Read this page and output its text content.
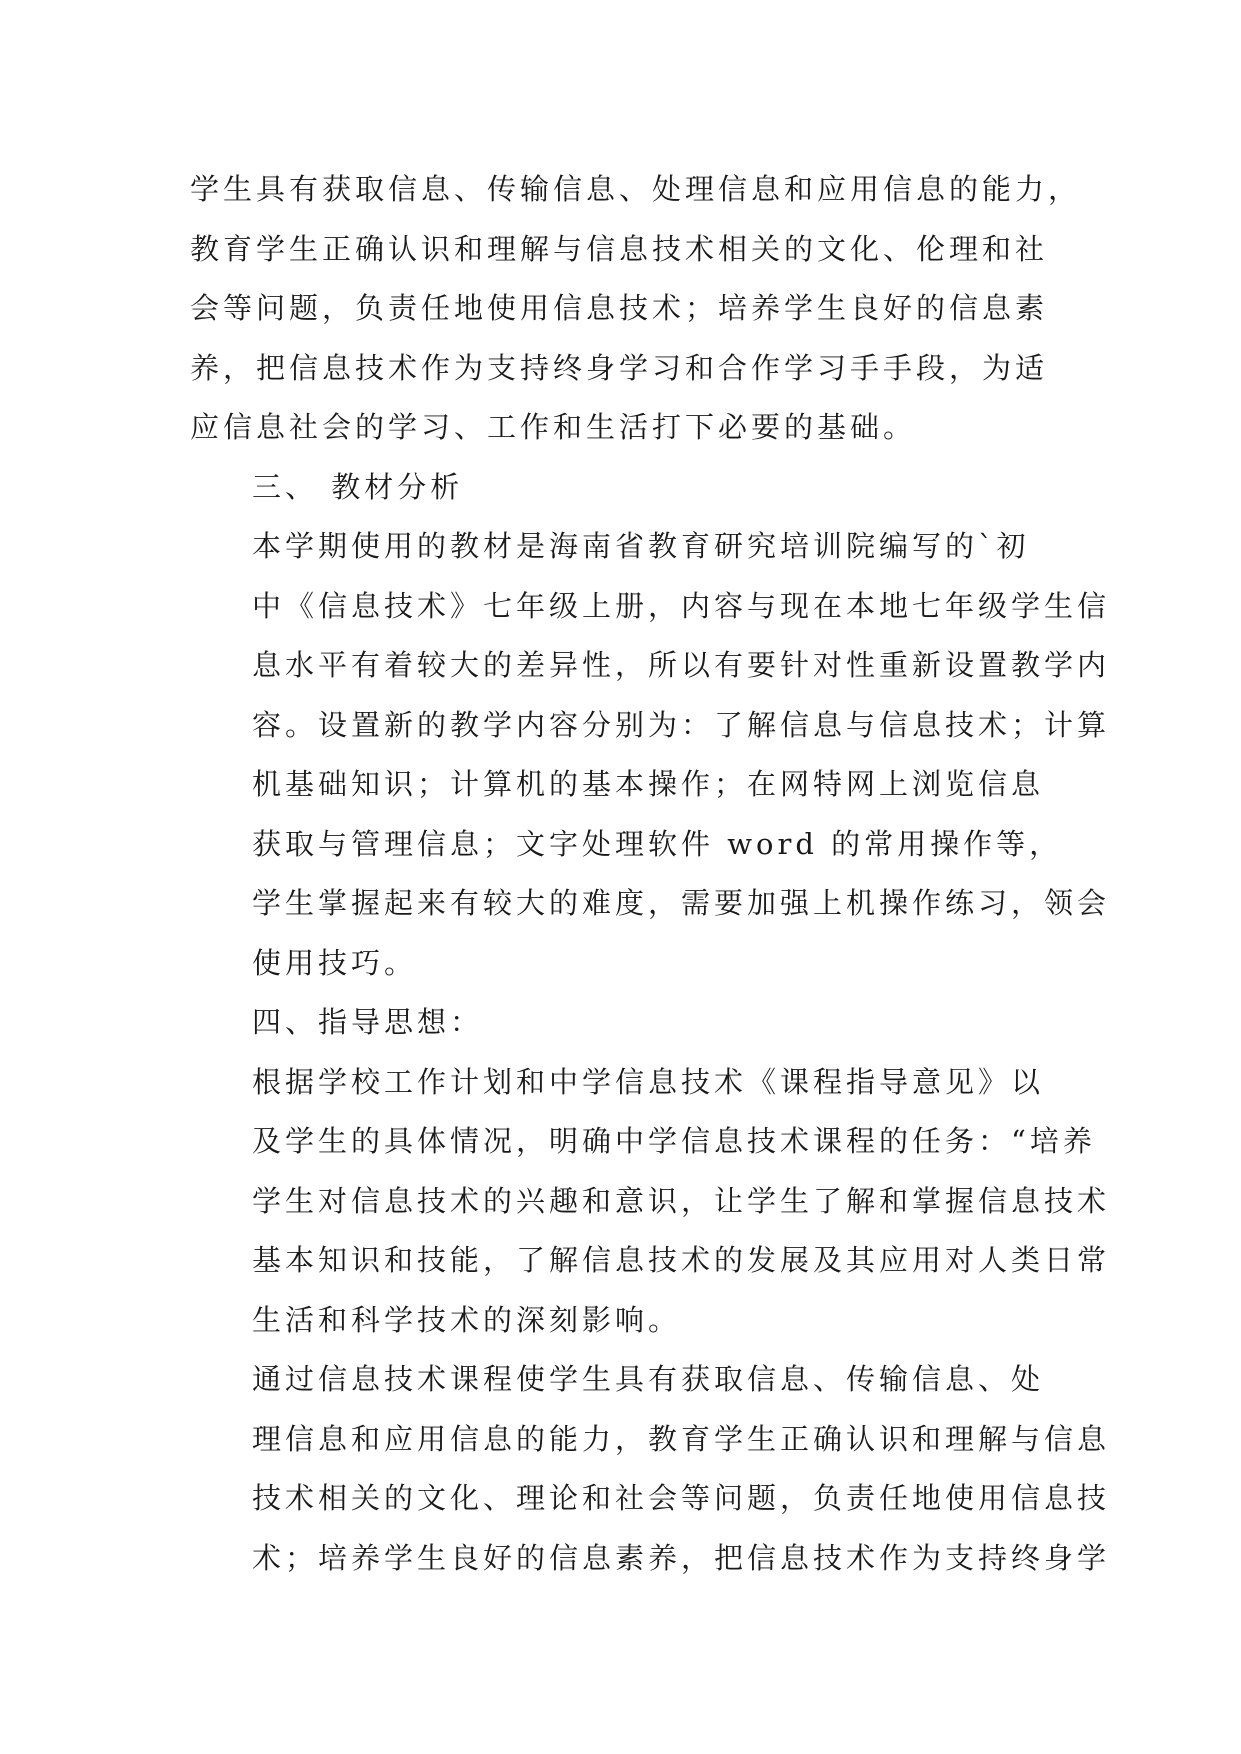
学生具有获取信息、传输信息、处理信息和应用信息的能力，
教育学生正确认识和理解与信息技术相关的文化、伦理和社
会等问题，负责任地使用信息技术；培养学生良好的信息素
养，把信息技术作为支持终身学习和合作学习手手段，为适
应信息社会的学习、工作和生活打下必要的基础。

三、 教材分析

本学期使用的教材是海南省教育研究培训院编写的`初
中《信息技术》七年级上册，内容与现在本地七年级学生信
息水平有着较大的差异性，所以有要针对性重新设置教学内
容。设置新的教学内容分别为：了解信息与信息技术；计算
机基础知识；计算机的基本操作；在网特网上浏览信息

获取与管理信息；文字处理软件 word 的常用操作等，
学生掌握起来有较大的难度，需要加强上机操作练习，领会
使用技巧。

四、指导思想：

根据学校工作计划和中学信息技术《课程指导意见》以
及学生的具体情况，明确中学信息技术课程的任务：“培养
学生对信息技术的兴趣和意识，让学生了解和掌握信息技术
基本知识和技能，了解信息技术的发展及其应用对人类日常
生活和科学技术的深刻影响。

通过信息技术课程使学生具有获取信息、传输信息、处
理信息和应用信息的能力，教育学生正确认识和理解与信息
技术相关的文化、理论和社会等问题，负责任地使用信息技
术；培养学生良好的信息素养，把信息技术作为支持终身学
